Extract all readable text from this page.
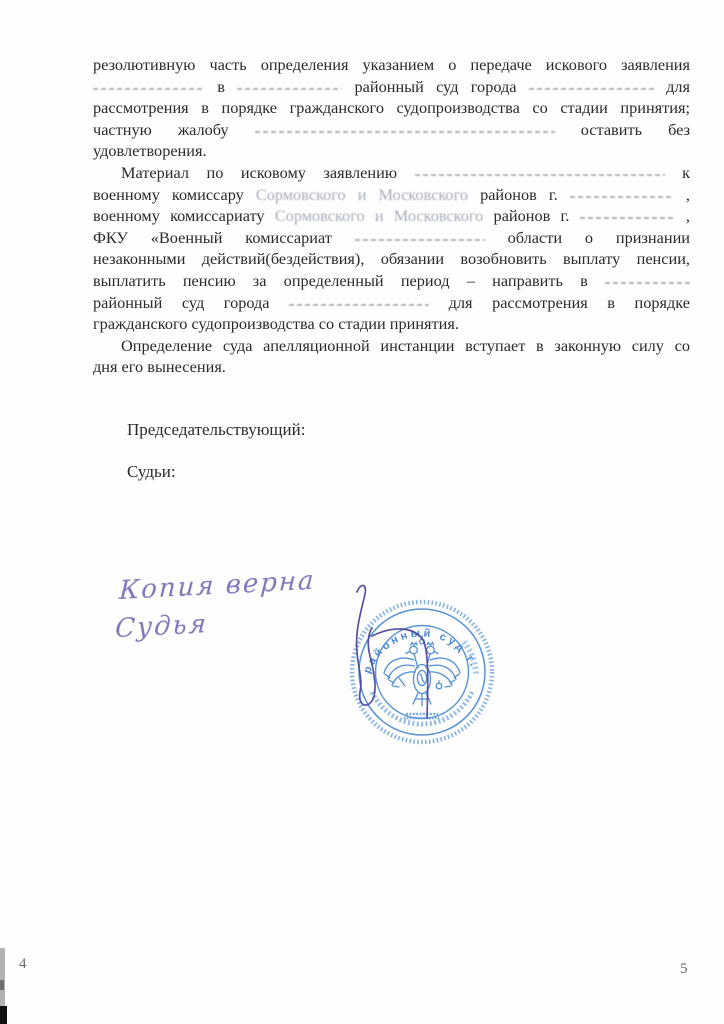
резолютивную часть определения указанием о передаче искового заявления
в	районный суд города	для
рассмотрения в порядке гражданского судопроизводства со стадии принятия;
частную жалобу	оставить без
удовлетворения.
Материал по исковому заявлению	к
военному комиссару Сормовского и Московского районов г.	,
военному комиссариату Сормовского и Московского районов г.	,
ФКУ «Военный комиссариат	области о признании
незаконными действий(бездействия), обязании возобновить выплату пенсии,
выплатить пенсию за определенный период – направить в
районный суд города	для рассмотрения в порядке
гражданского судопроизводства со стадии принятия.
Определение суда апелляционной инстанции вступает в законную силу со
дня его вынесения.
Председательствующий:
Судьи:
Копия верна
Судья
районный суд г.
4	5
